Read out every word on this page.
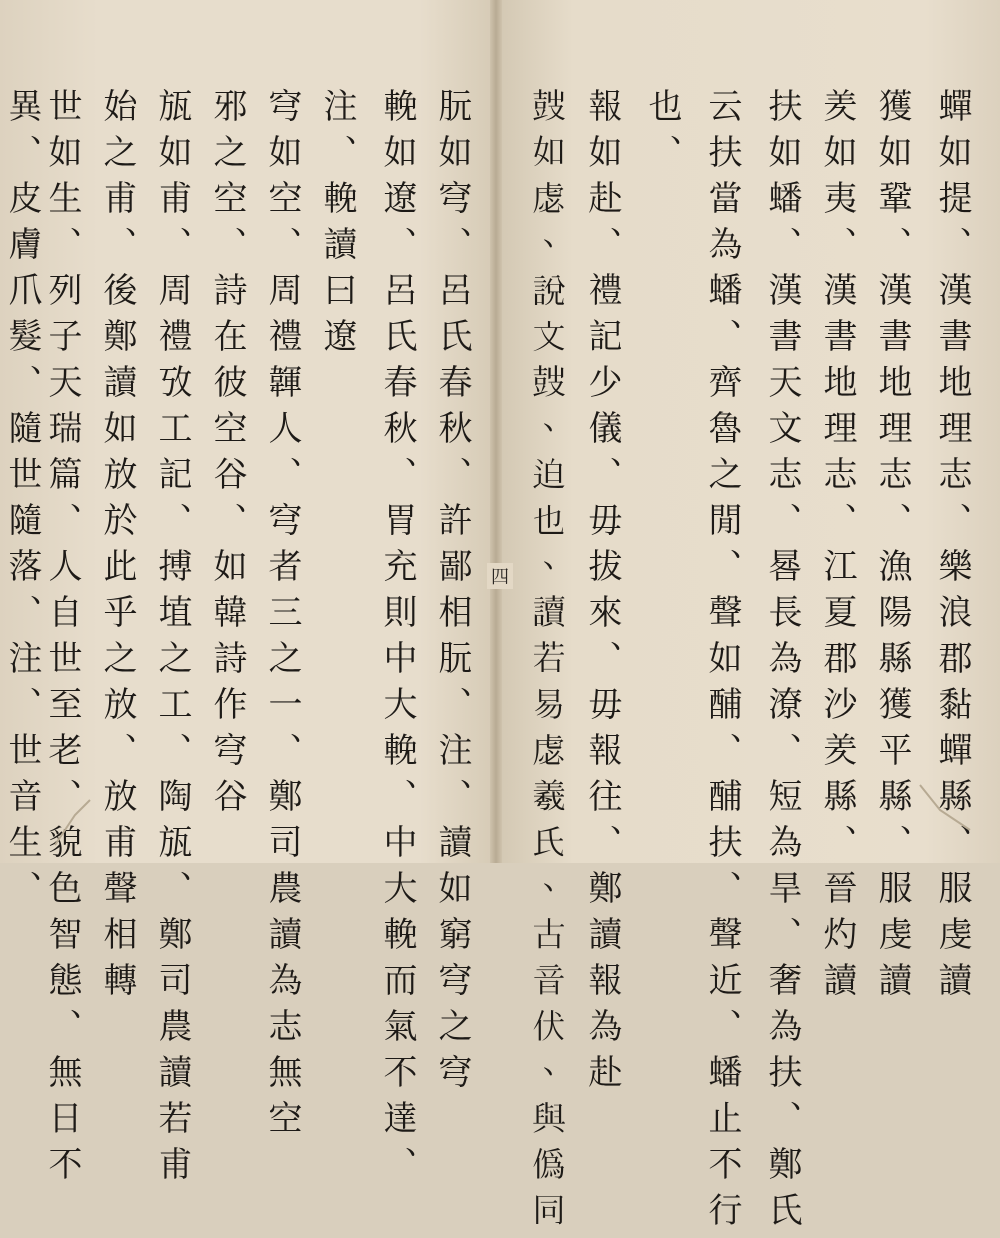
蟬如提、漢書地理志、樂浪郡黏蟬縣、服虔讀
獲如鞏、漢書地理志、漁陽縣獲平縣、服虔讀
羑如夷、漢書地理志、江夏郡沙羑縣、晉灼讀
扶如蟠、漢書天文志、晷長為潦、短為旱、奢為扶、鄭氏
云扶當為蟠、齊魯之閒、聲如酺、酺扶、聲近、蟠止不行
也、
報如赴、禮記少儀、毋拔來、毋報往、鄭讀報為赴
𡔷如虙、說文𡔷、迫也、讀若易虙羲氏、古音伏、與僞同
朊如穹、呂氏春秋、許鄙相朊、注、讀如窮穹之穹
輓如遼、呂氏春秋、胃充則中大輓、中大輓而氣不達、
注、輓讀曰遼
穹如空、周禮韗人、穹者三之一、鄭司農讀為志無空
邪之空、詩在彼空谷、如韓詩作穹谷
瓬如甫、周禮攷工記、搏埴之工、陶瓬、鄭司農讀若甫
始之甫、後鄭讀如放於此乎之放、放甫聲相轉
世如生、列子天瑞篇、人自世至老、貌色智態、無日不
異、皮膚爪髮、隨世隨落、注、世音生、	四
